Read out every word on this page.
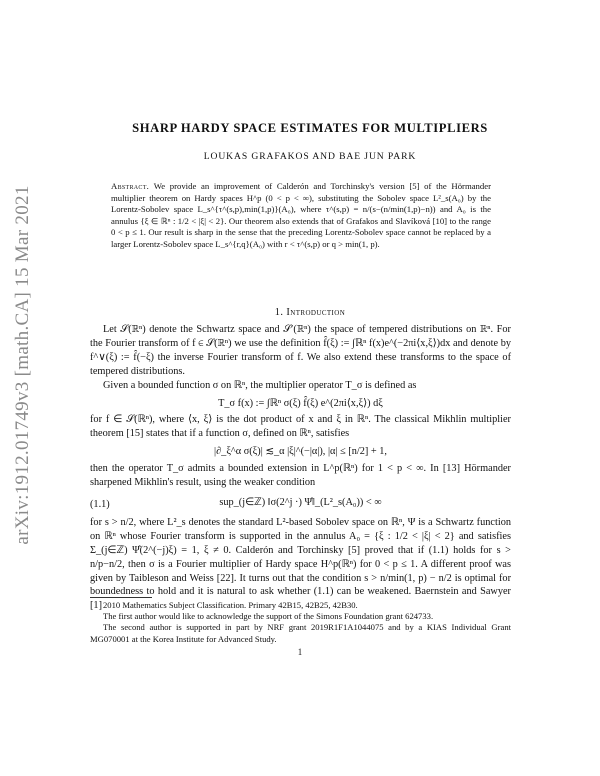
arXiv:1912.01749v3 [math.CA] 15 Mar 2021
SHARP HARDY SPACE ESTIMATES FOR MULTIPLIERS
LOUKAS GRAFAKOS AND BAE JUN PARK
Abstract. We provide an improvement of Calderón and Torchinsky's version [5] of the Hörmander multiplier theorem on Hardy spaces H^p (0 < p < ∞), substituting the Sobolev space L²_s(A₀) by the Lorentz-Sobolev space L_s^{τ^(s,p),min(1,p)}(A₀), where τ^(s,p) = n/(s−(n/min(1,p)−n)) and A₀ is the annulus {ξ ∈ ℝⁿ : 1/2 < |ξ| < 2}. Our theorem also extends that of Grafakos and Slavíková [10] to the range 0 < p ≤ 1. Our result is sharp in the sense that the preceding Lorentz-Sobolev space cannot be replaced by a larger Lorentz-Sobolev space L_s^{r,q}(A₀) with r < τ^(s,p) or q > min(1, p).
1. Introduction

Let 𝒮(ℝⁿ) denote the Schwartz space and 𝒮′(ℝⁿ) the space of tempered distributions on ℝⁿ. For the Fourier transform of f ∈ 𝒮(ℝⁿ) we use the definition f̂(ξ) := ∫ℝⁿ f(x)e^(−2πi⟨x,ξ⟩)dx and denote by f^∨(ξ) := f̂(−ξ) the inverse Fourier transform of f. We also extend these transforms to the space of tempered distributions.

Given a bounded function σ on ℝⁿ, the multiplier operator T_σ is defined as

T_σ f(x) := ∫ℝⁿ σ(ξ) f̂(ξ) e^(2πi⟨x,ξ⟩) dξ

for f ∈ 𝒮(ℝⁿ), where ⟨x, ξ⟩ is the dot product of x and ξ in ℝⁿ. The classical Mikhlin multiplier theorem [15] states that if a function σ, defined on ℝⁿ, satisfies

|∂_ξ^α σ(ξ)| ≲_α |ξ|^(−|α|), |α| ≤ [n/2] + 1,

then the operator T_σ admits a bounded extension in L^p(ℝⁿ) for 1 < p < ∞. In [13] Hörmander sharpened Mikhlin's result, using the weaker condition

(1.1)	sup_(j∈ℤ) ‖σ(2^j ·) Ψ̂‖_(L²_s(A₀)) < ∞

for s > n/2, where L²_s denotes the standard L²-based Sobolev space on ℝⁿ, Ψ is a Schwartz function on ℝⁿ whose Fourier transform is supported in the annulus A₀ = {ξ : 1/2 < |ξ| < 2} and satisfies Σ_(j∈ℤ) Ψ̂(2^(−j)ξ) = 1, ξ ≠ 0. Calderón and Torchinsky [5] proved that if (1.1) holds for s > n/p−n/2, then σ is a Fourier multiplier of Hardy space H^p(ℝⁿ) for 0 < p ≤ 1. A different proof was given by Taibleson and Weiss [22]. It turns out that the condition s > n/min(1, p) − n/2 is optimal for boundedness to hold and it is natural to ask whether (1.1) can be weakened. Baernstein and Sawyer [1] 2010 Mathematics Subject Classification. Primary 42B15, 42B25, 42B30.

The first author would like to acknowledge the support of the Simons Foundation grant 624733.

The second author is supported in part by NRF grant 2019R1F1A1044075 and by a KIAS Individual Grant MG070001 at the Korea Institute for Advanced Study.

1
